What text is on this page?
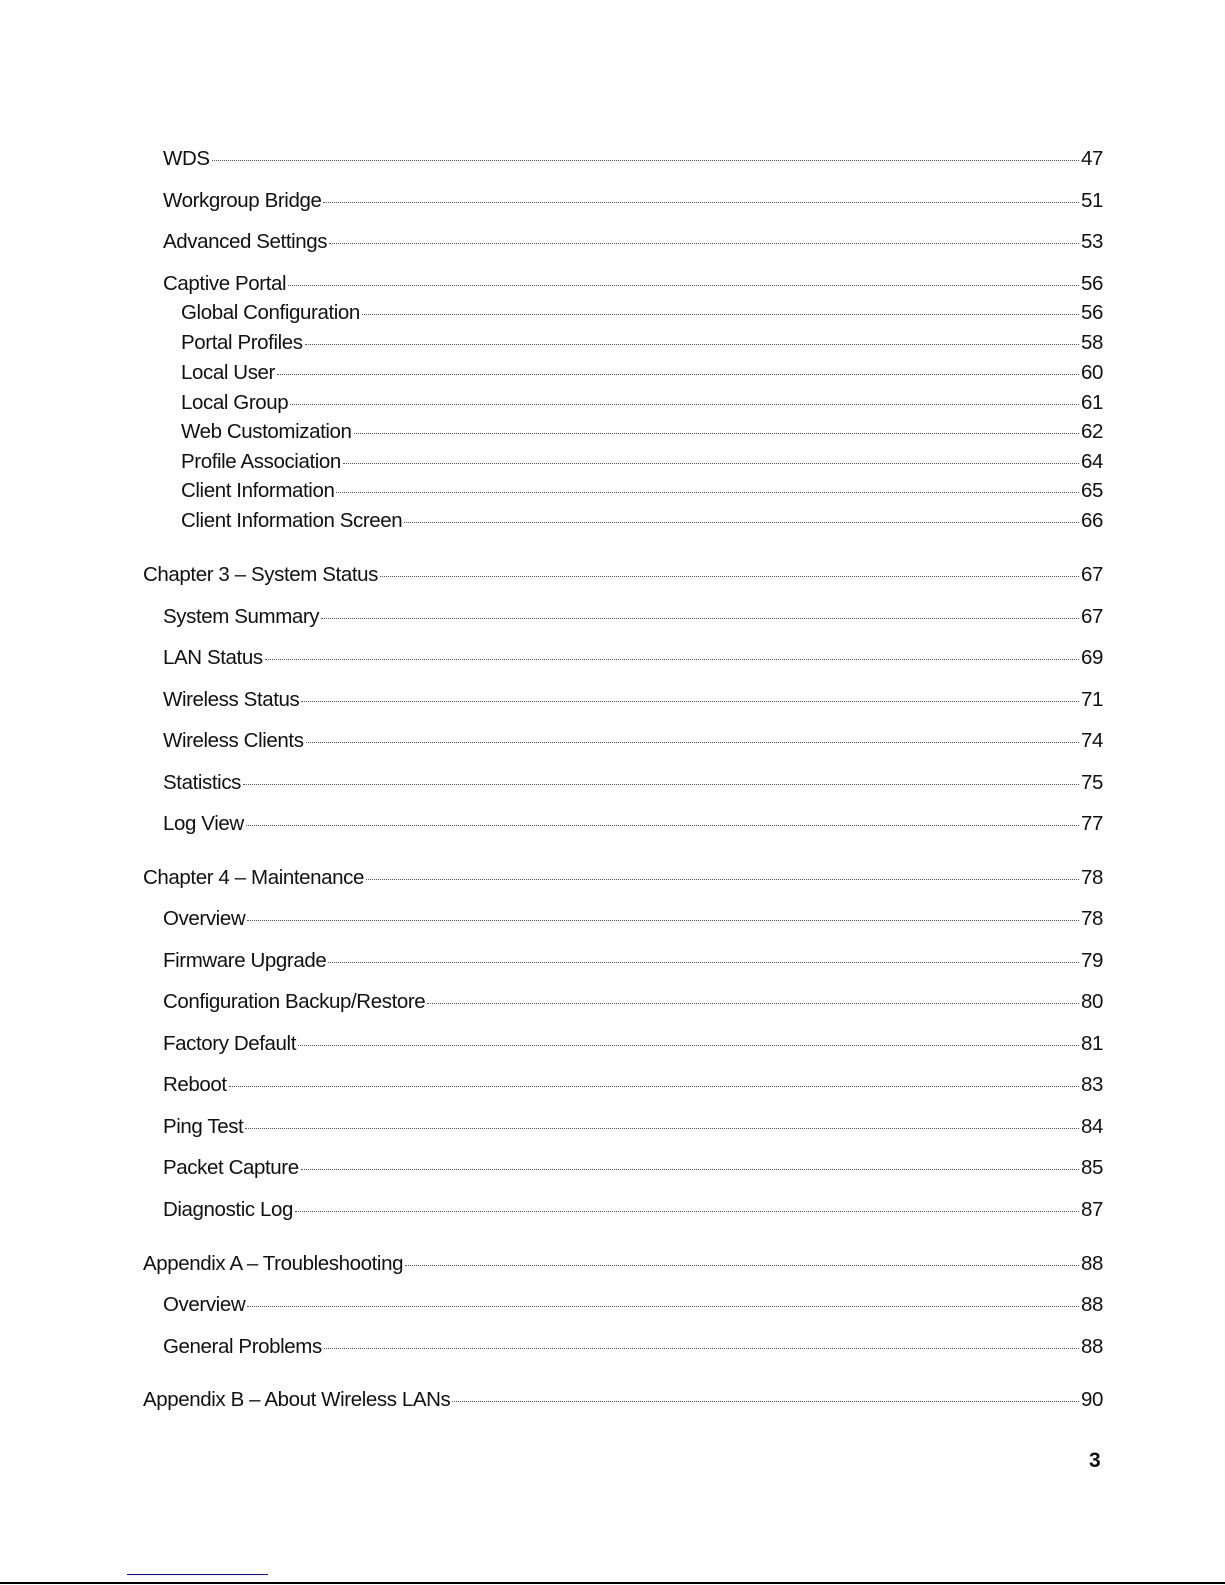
WDS	47
Workgroup Bridge	51
Advanced Settings	53
Captive Portal	56
Global Configuration	56
Portal Profiles	58
Local User	60
Local Group	61
Web Customization	62
Profile Association	64
Client Information	65
Client Information Screen	66
Chapter 3 – System Status	67
System Summary	67
LAN Status	69
Wireless Status	71
Wireless Clients	74
Statistics	75
Log View	77
Chapter 4 – Maintenance	78
Overview	78
Firmware Upgrade	79
Configuration Backup/Restore	80
Factory Default	81
Reboot	83
Ping Test	84
Packet Capture	85
Diagnostic Log	87
Appendix A – Troubleshooting	88
Overview	88
General Problems	88
Appendix B – About Wireless LANs	90
3
